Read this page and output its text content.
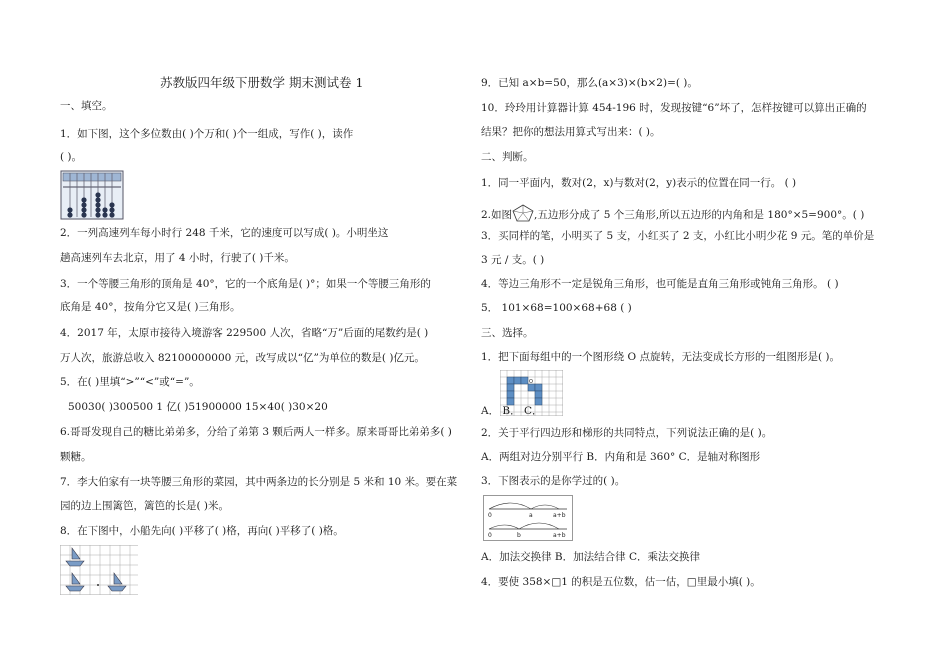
苏教版四年级下册数学 期末测试卷 1
一、填空。
1．如下图，这个多位数由( )个万和( )个一组成，写作( )，读作
( )。
2．一列高速列车每小时行 248 千米，它的速度可以写成( )。小明坐这
趟高速列车去北京，用了 4 小时，行驶了( )千米。
3．一个等腰三角形的顶角是 40°，它的一个底角是( )°；如果一个等腰三角形的
底角是 40°，按角分它又是( )三角形。
4．2017 年，太原市接待入境游客 229500 人次，省略“万”后面的尾数约是( )
万人次，旅游总收入 82100000000 元，改写成以“亿”为单位的数是( )亿元。
5．在( )里填“>”“<”或“=”。
50030( )300500 1 亿( )51900000 15×40( )30×20
6.哥哥发现自己的糖比弟弟多，分给了弟第 3 颗后两人一样多。原来哥哥比弟弟多( )
颗糖。
7．李大伯家有一块等腰三角形的菜园，其中两条边的长分别是 5 米和 10 米。要在菜
园的边上围篱笆，篱笆的长是( )米。
8．在下图中，小船先向( )平移了( )格，再向( )平移了( )格。
9．已知 a×b=50，那么(a×3)×(b×2)=( )。
10．玲玲用计算器计算 454-196 时，发现按键“6”坏了，怎样按键可以算出正确的
结果？把你的想法用算式写出来：( )。
二、判断。
1．同一平面内，数对(2，x)与数对(2，y)表示的位置在同一行。 ( )
2.如图 ,五边形分成了 5 个三角形,所以五边形的内角和是 180°×5=900°。( )
3．买同样的笔，小明买了 5 支，小红买了 2 支，小红比小明少花 9 元。笔的单价是
3 元 / 支。( )
4．等边三角形不一定是锐角三角形，也可能是直角三角形或钝角三角形。 ( )
5． 101×68=100×68+68 ( )
三、选择。
1．把下面每组中的一个图形绕 O 点旋转，无法变成长方形的一组图形是( )。
O
A． B． C．
2．关于平行四边形和梯形的共同特点，下列说法正确的是( )。
A．两组对边分别平行 B．内角和是 360° C．是轴对称图形
3．下图表示的是你学过的( )。
0	a	a+b
0	b	a+b
A．加法交换律 B．加法结合律 C．乘法交换律
4．要使 358×□1 的积是五位数，估一估，□里最小填( )。
